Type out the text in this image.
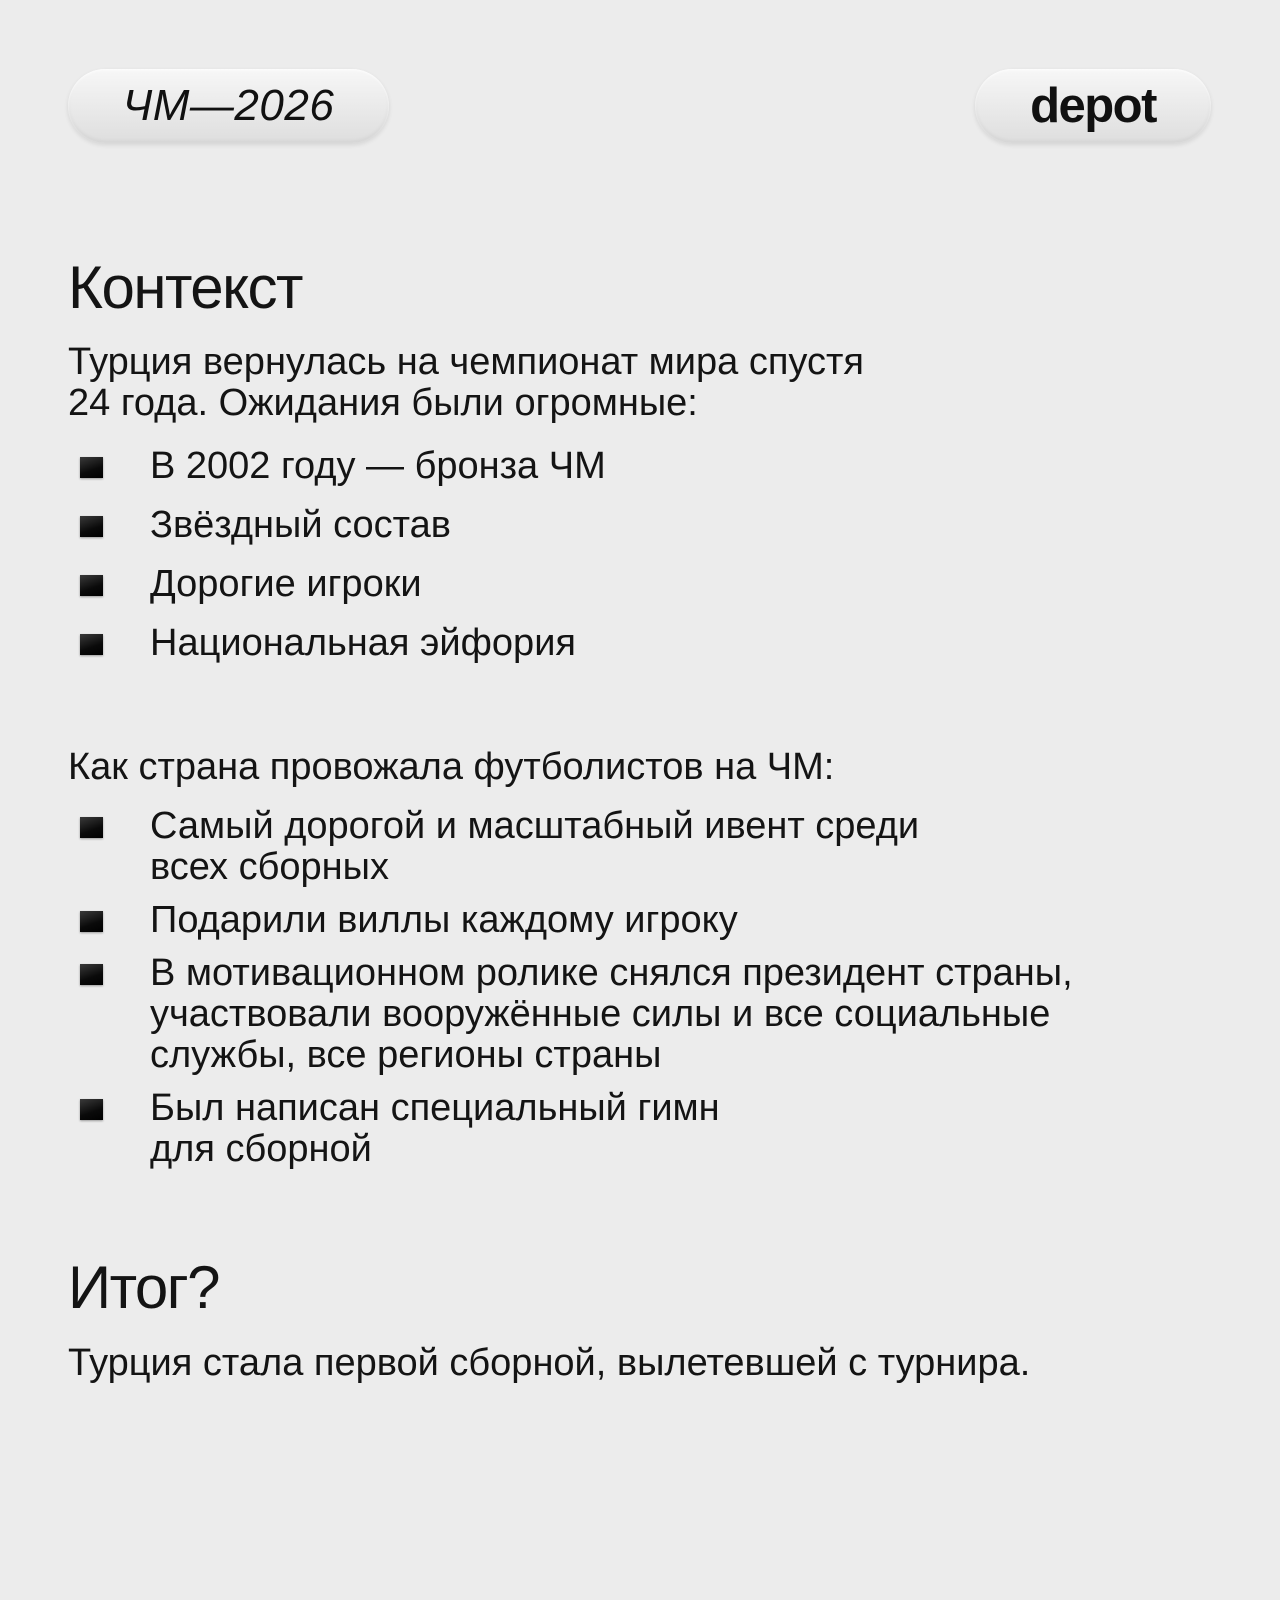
ЧМ—2026	depot
Контекст

Турция вернулась на чемпионат мира спустя
24 года. Ожидания были огромные:

В 2002 году — бронза ЧМ
Звёздный состав
Дорогие игроки
Национальная эйфория

Как страна провожала футболистов на ЧМ:

Самый дорогой и масштабный ивент среди
всех сборных
Подарили виллы каждому игроку
В мотивационном ролике снялся президент страны,
участвовали вооружённые силы и все социальные
службы, все регионы страны
Был написан специальный гимн
для сборной
Итог?

Турция стала первой сборной, вылетевшей с турнира.
